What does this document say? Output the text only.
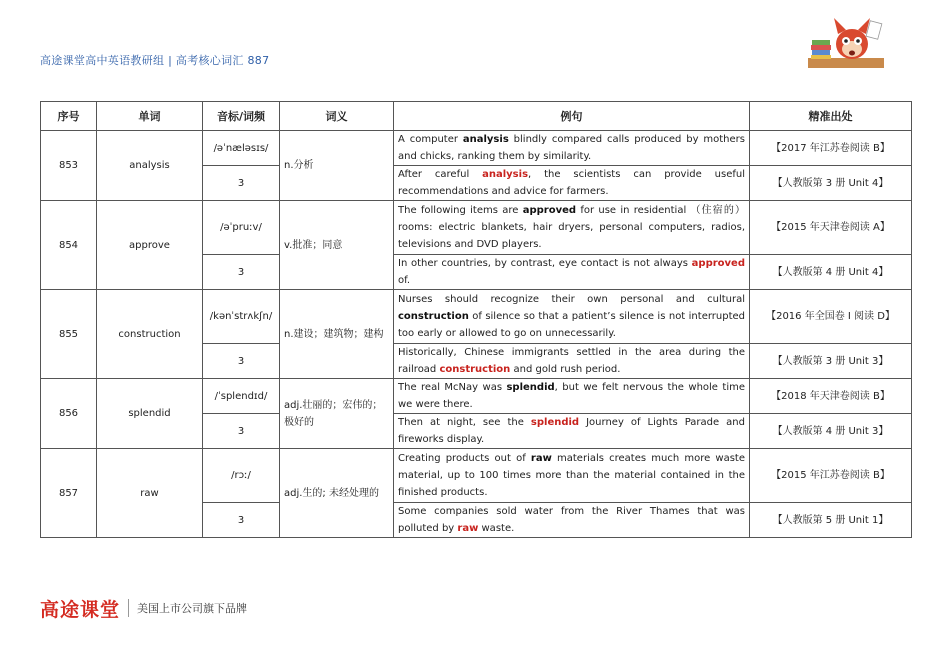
高途课堂高中英语教研组 | 高考核心词汇 887
序号	单词	音标/词频	词义	例句	精准出处
853	analysis	/əˈnæləsɪs/	n.分析	A computer analysis blindly compared calls produced by mothers and chicks, ranking them by similarity.	【2017 年江苏卷阅读 B】
		3		After careful analysis, the scientists can provide useful recommendations and advice for farmers.	【人教版第 3 册 Unit 4】
854	approve	/əˈpruːv/	v.批准；同意	The following items are approved for use in residential （住宿的） rooms: electric blankets, hair dryers, personal computers, radios, televisions and DVD players.	【2015 年天津卷阅读 A】
		3		In other countries, by contrast, eye contact is not always approved of.	【人教版第 4 册 Unit 4】
855	construction	/kənˈstrʌkʃn/	n.建设；建筑物；建构	Nurses should recognize their own personal and cultural construction of silence so that a patient’s silence is not interrupted too early or allowed to go on unnecessarily.	【2016 年全国卷 I 阅读 D】
		3		Historically, Chinese immigrants settled in the area during the railroad construction and gold rush period.	【人教版第 3 册 Unit 3】
856	splendid	/ˈsplendɪd/	adj.壮丽的；宏伟的；极好的	The real McNay was splendid, but we felt nervous the whole time we were there.	【2018 年天津卷阅读 B】
		3		Then at night, see the splendid Journey of Lights Parade and fireworks display.	【人教版第 4 册 Unit 3】
857	raw	/rɔː/	adj.生的; 未经处理的	Creating products out of raw materials creates much more waste material, up to 100 times more than the material contained in the finished products.	【2015 年江苏卷阅读 B】
		3		Some companies sold water from the River Thames that was polluted by raw waste.	【人教版第 5 册 Unit 1】
高途课堂 美国上市公司旗下品牌
